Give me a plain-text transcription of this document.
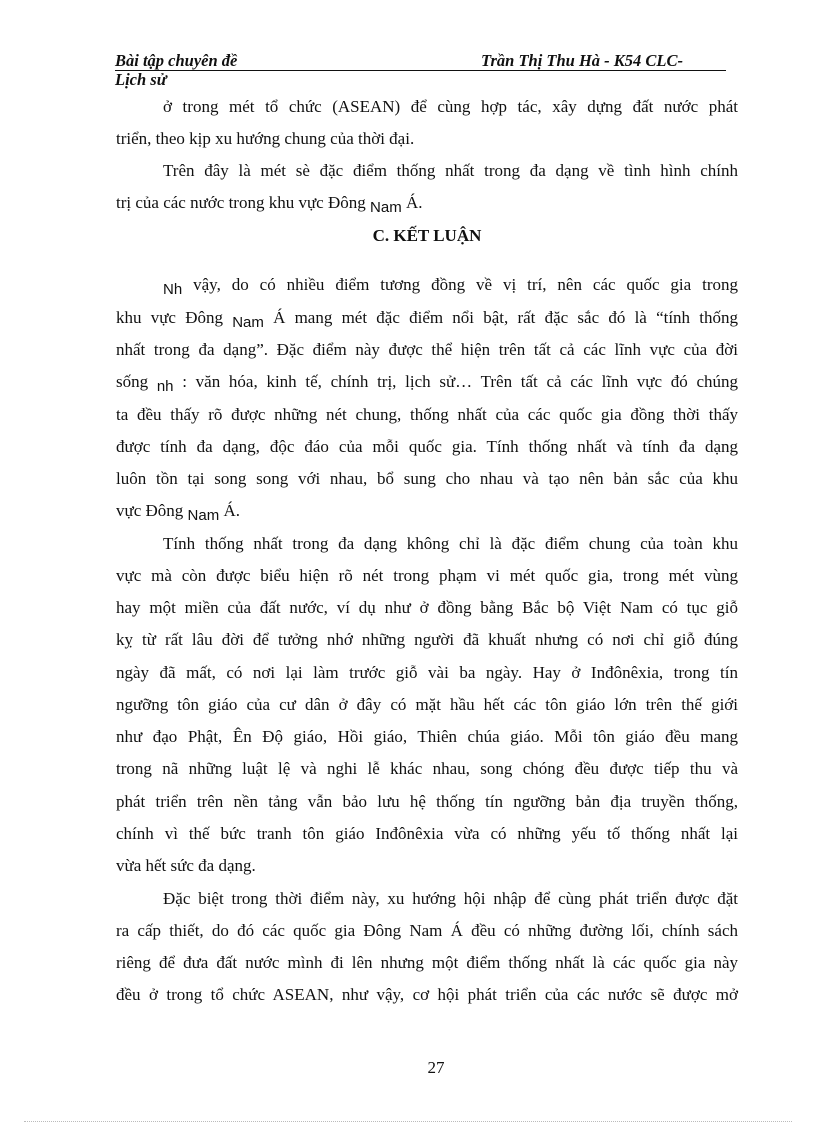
Bài tập chuyên đề
Lịch sử
Trần Thị Thu Hà - K54 CLC-
ở trong mét tổ chức (ASEAN) để cùng hợp tác, xây dựng đất nước phát
triển, theo kịp xu hướng chung của thời đại.
Trên đây là mét sè đặc điểm thống nhất trong đa dạng về tình hình chính
trị của các nước trong khu vực Đông Nam Á.
C. KẾT LUẬN
Nh vậy, do có nhiều điểm tương đồng về vị trí, nên các quốc gia trong
khu vực Đông Nam Á mang mét đặc điểm nổi bật, rất đặc sắc đó là “tính thống
nhất trong đa dạng”. Đặc điểm này được thể hiện trên tất cả các lĩnh vực của đời
sống nh : văn hóa, kinh tế, chính trị, lịch sử… Trên tất cả các lĩnh vực đó chúng
ta đều thấy rõ được những nét chung, thống nhất của các quốc gia đồng thời thấy
được tính đa dạng, độc đáo của mỗi quốc gia. Tính thống nhất và tính đa dạng
luôn tồn tại song song với nhau, bổ sung cho nhau và tạo nên bản sắc của khu
vực Đông Nam Á.
Tính thống nhất trong đa dạng không chỉ là đặc điểm chung của toàn khu
vực mà còn được biểu hiện rõ nét trong phạm vi mét quốc gia, trong mét vùng
hay một miền của đất nước, ví dụ như ở đồng bằng Bắc bộ Việt Nam có tục giỗ
kỵ từ rất lâu đời để tưởng nhớ những người đã khuất nhưng có nơi chỉ giỗ đúng
ngày đã mất, có nơi lại làm trước giỗ vài ba ngày. Hay ở Inđônêxia, trong tín
ngưỡng tôn giáo của cư dân ở đây có mặt hầu hết các tôn giáo lớn trên thế giới
như đạo Phật, Ên Độ giáo, Hồi giáo, Thiên chúa giáo. Mỗi tôn giáo đều mang
trong nã những luật lệ và nghi lễ khác nhau, song chóng đều được tiếp thu và
phát triển trên nền tảng vẫn bảo lưu hệ thống tín ngưỡng bản địa truyền thống,
chính vì thế bức tranh tôn giáo Inđônêxia vừa có những yếu tố thống nhất lại
vừa hết sức đa dạng.
Đặc biệt trong thời điểm này, xu hướng hội nhập để cùng phát triển được đặt
ra cấp thiết, do đó các quốc gia Đông Nam Á đều có những đường lối, chính sách
riêng để đưa đất nước mình đi lên nhưng một điểm thống nhất là các quốc gia này
đều ở trong tổ chức ASEAN, như vậy, cơ hội phát triển của các nước sẽ được mở
27
